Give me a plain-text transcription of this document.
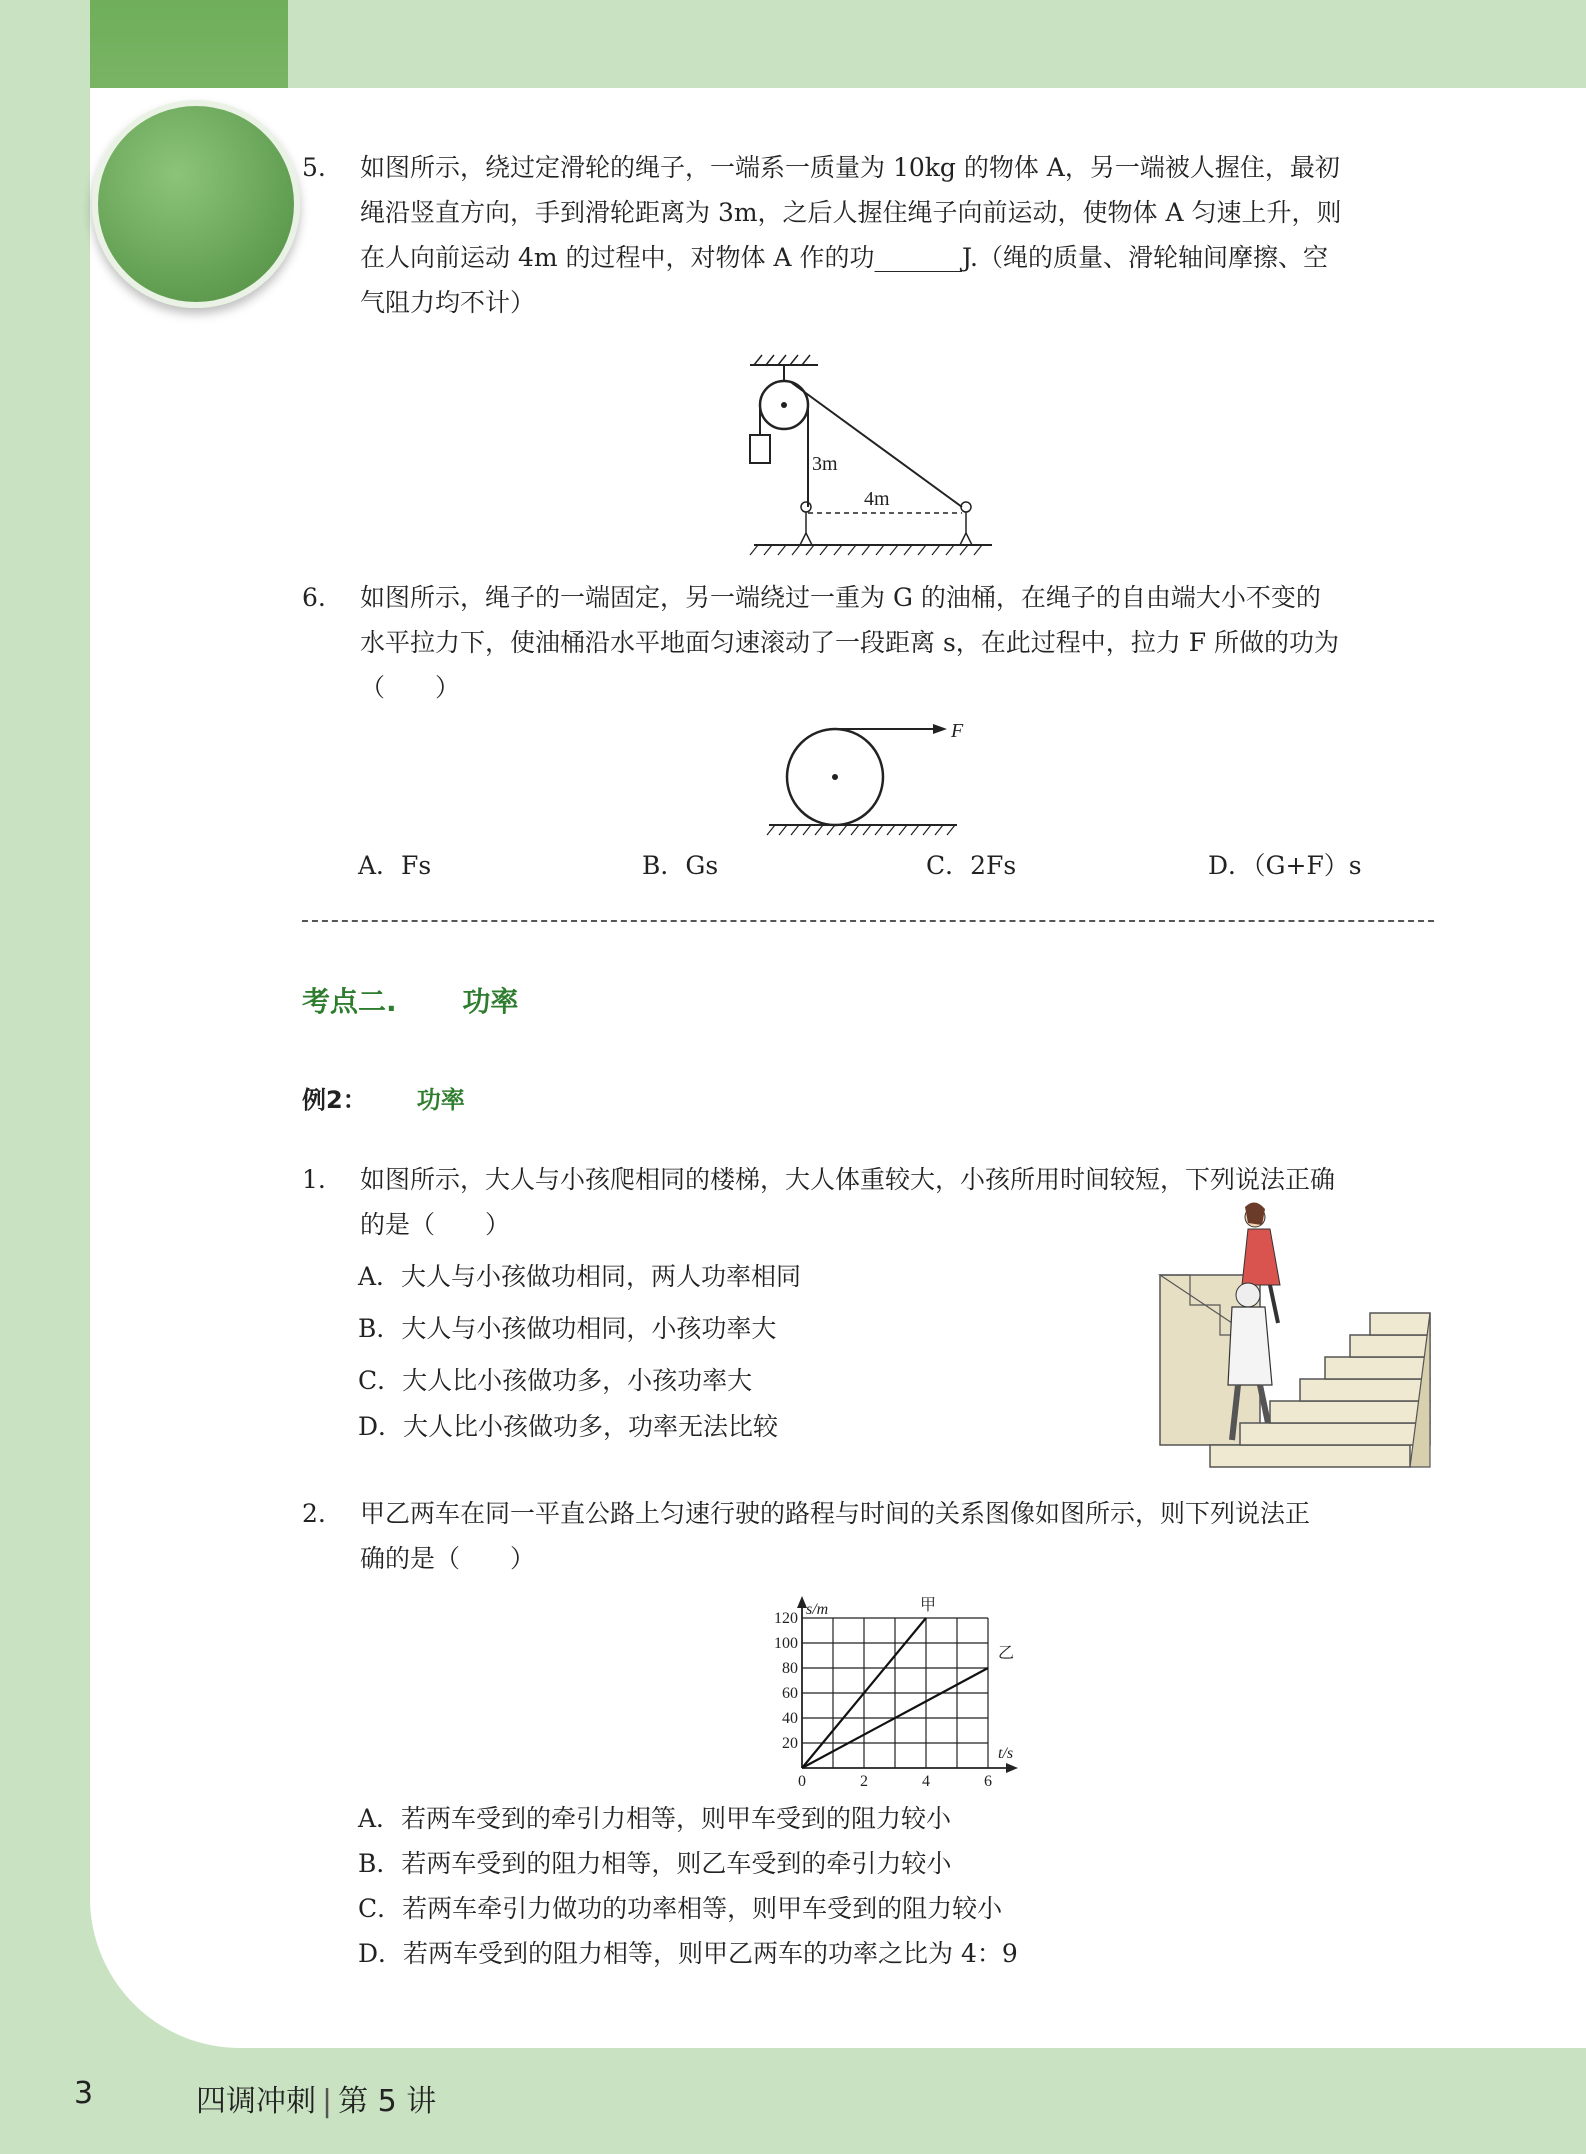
5. 如图所示，绕过定滑轮的绳子，一端系一质量为 10kg 的物体 A，另一端被人握住，最初
绳沿竖直方向，手到滑轮距离为 3m，之后人握住绳子向前运动，使物体 A 匀速上升，则
在人向前运动 4m 的过程中，对物体 A 作的功_______J.（绳的质量、滑轮轴间摩擦、空
气阻力均不计）
3m
4m
6. 如图所示，绳子的一端固定，另一端绕过一重为 G 的油桶，在绳子的自由端大小不变的
水平拉力下，使油桶沿水平地面匀速滚动了一段距离 s，在此过程中，拉力 F 所做的功为
（　　）
F
A．Fs	B．Gs	C．2Fs	D．（G+F）s
考点二. 功率
例2： 功率
1. 如图所示，大人与小孩爬相同的楼梯，大人体重较大，小孩所用时间较短，下列说法正确
的是（　　）
A．大人与小孩做功相同，两人功率相同
B．大人与小孩做功相同，小孩功率大
C．大人比小孩做功多，小孩功率大
D．大人比小孩做功多，功率无法比较
2. 甲乙两车在同一平直公路上匀速行驶的路程与时间的关系图像如图所示，则下列说法正
确的是（　　）
0	2	4	6
20
40
60
80
100
120
s/m
t/s
甲
乙
A．若两车受到的牵引力相等，则甲车受到的阻力较小
B．若两车受到的阻力相等，则乙车受到的牵引力较小
C．若两车牵引力做功的功率相等，则甲车受到的阻力较小
D．若两车受到的阻力相等，则甲乙两车的功率之比为 4：9
3	四调冲刺 | 第 5 讲
